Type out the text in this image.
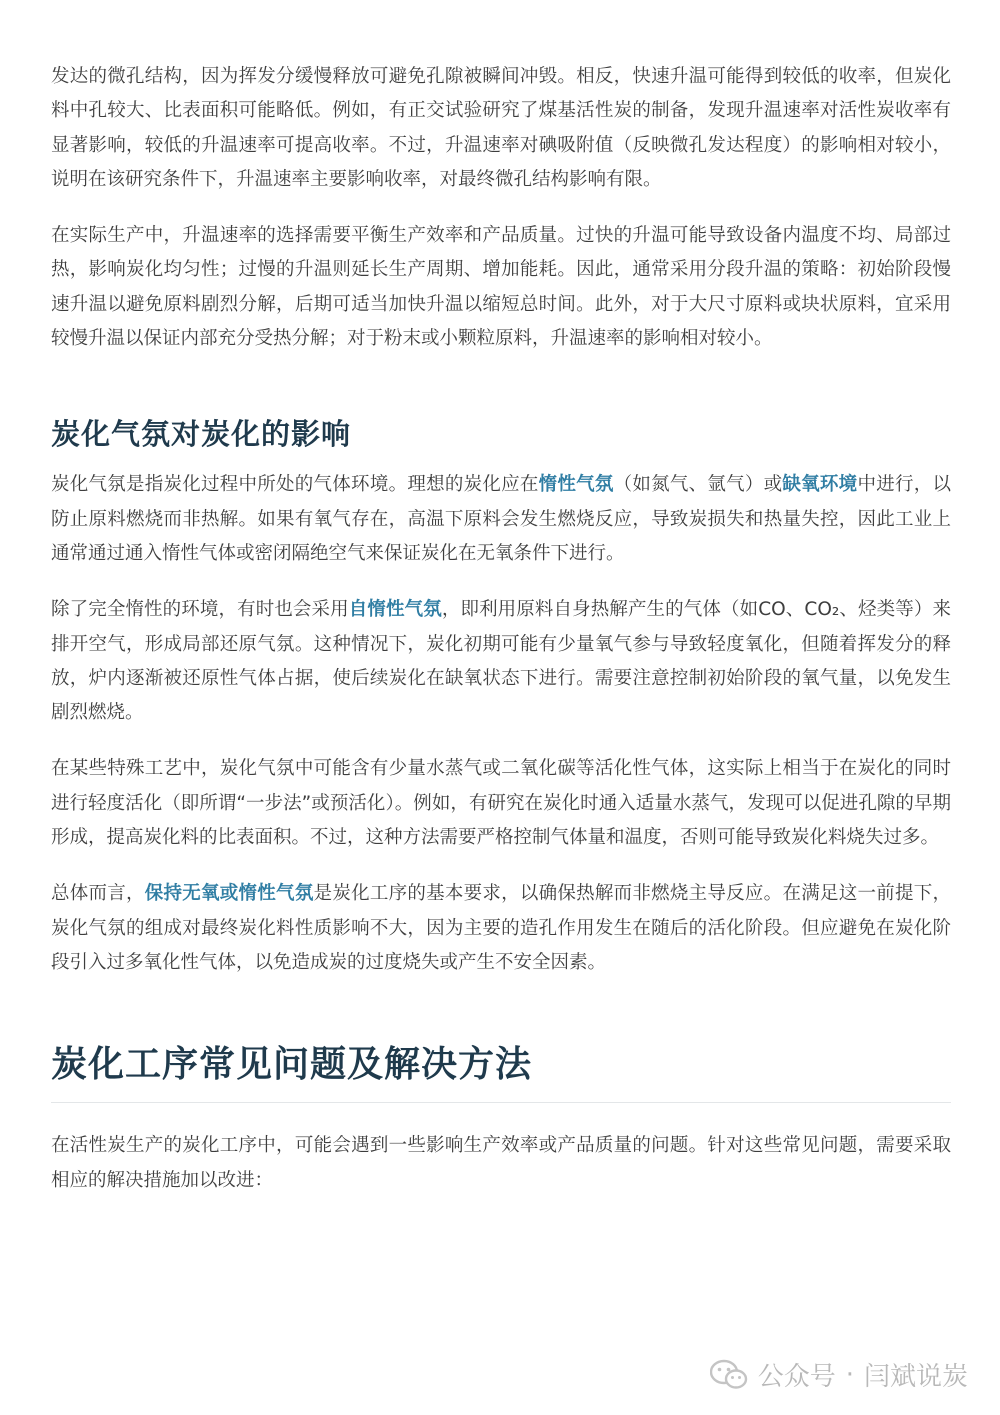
发达的微孔结构，因为挥发分缓慢释放可避免孔隙被瞬间冲毁。相反，快速升温可能得到较低的收率，但炭化料中孔较大、比表面积可能略低。例如，有正交试验研究了煤基活性炭的制备，发现升温速率对活性炭收率有显著影响，较低的升温速率可提高收率。不过，升温速率对碘吸附值（反映微孔发达程度）的影响相对较小，说明在该研究条件下，升温速率主要影响收率，对最终微孔结构影响有限。

在实际生产中，升温速率的选择需要平衡生产效率和产品质量。过快的升温可能导致设备内温度不均、局部过热，影响炭化均匀性；过慢的升温则延长生产周期、增加能耗。因此，通常采用分段升温的策略：初始阶段慢速升温以避免原料剧烈分解，后期可适当加快升温以缩短总时间。此外，对于大尺寸原料或块状原料，宜采用较慢升温以保证内部充分受热分解；对于粉末或小颗粒原料，升温速率的影响相对较小。

炭化气氛对炭化的影响

炭化气氛是指炭化过程中所处的气体环境。理想的炭化应在惰性气氛（如氮气、氩气）或缺氧环境中进行，以防止原料燃烧而非热解。如果有氧气存在，高温下原料会发生燃烧反应，导致炭损失和热量失控，因此工业上通常通过通入惰性气体或密闭隔绝空气来保证炭化在无氧条件下进行。

除了完全惰性的环境，有时也会采用自惰性气氛，即利用原料自身热解产生的气体（如CO、CO₂、烃类等）来排开空气，形成局部还原气氛。这种情况下，炭化初期可能有少量氧气参与导致轻度氧化，但随着挥发分的释放，炉内逐渐被还原性气体占据，使后续炭化在缺氧状态下进行。需要注意控制初始阶段的氧气量，以免发生剧烈燃烧。

在某些特殊工艺中，炭化气氛中可能含有少量水蒸气或二氧化碳等活化性气体，这实际上相当于在炭化的同时进行轻度活化（即所谓“一步法”或预活化）。例如，有研究在炭化时通入适量水蒸气，发现可以促进孔隙的早期形成，提高炭化料的比表面积。不过，这种方法需要严格控制气体量和温度，否则可能导致炭化料烧失过多。

总体而言，保持无氧或惰性气氛是炭化工序的基本要求，以确保热解而非燃烧主导反应。在满足这一前提下，炭化气氛的组成对最终炭化料性质影响不大，因为主要的造孔作用发生在随后的活化阶段。但应避免在炭化阶段引入过多氧化性气体，以免造成炭的过度烧失或产生不安全因素。

炭化工序常见问题及解决方法

在活性炭生产的炭化工序中，可能会遇到一些影响生产效率或产品质量的问题。针对这些常见问题，需要采取相应的解决措施加以改进：

公众号 · 闫斌说炭
